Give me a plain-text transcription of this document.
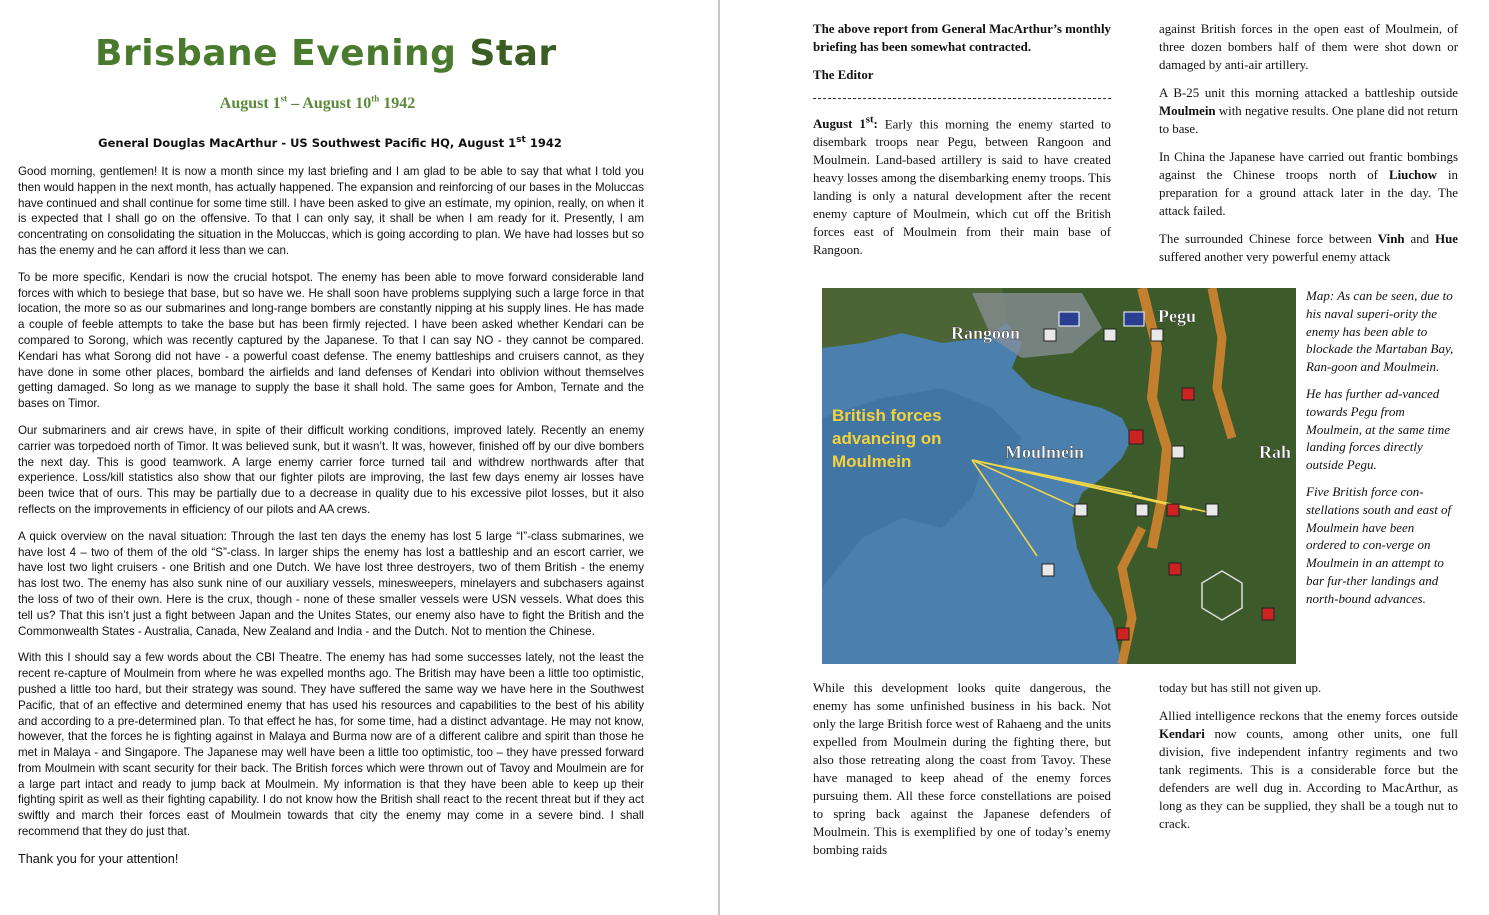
Brisbane Evening Star
August 1st – August 10th 1942
General Douglas MacArthur - US Southwest Pacific HQ, August 1st 1942

Good morning, gentlemen! It is now a month since my last briefing and I am glad to be able to say that what I told you then would happen in the next month, has actually happened. The expansion and reinforcing of our bases in the Moluccas have continued and shall continue for some time still. I have been asked to give an estimate, my opinion, really, on when it is expected that I shall go on the offensive. To that I can only say, it shall be when I am ready for it. Presently, I am concentrating on consolidating the situation in the Moluccas, which is going according to plan. We have had losses but so has the enemy and he can afford it less than we can.

To be more specific, Kendari is now the crucial hotspot. The enemy has been able to move forward considerable land forces with which to besiege that base, but so have we. He shall soon have problems supplying such a large force in that location, the more so as our submarines and long-range bombers are constantly nipping at his supply lines. He has made a couple of feeble attempts to take the base but has been firmly rejected. I have been asked whether Kendari can be compared to Sorong, which was recently captured by the Japanese. To that I can say NO - they cannot be compared. Kendari has what Sorong did not have - a powerful coast defense. The enemy battleships and cruisers cannot, as they have done in some other places, bombard the airfields and land defenses of Kendari into oblivion without themselves getting damaged. So long as we manage to supply the base it shall hold. The same goes for Ambon, Ternate and the bases on Timor.

Our submariners and air crews have, in spite of their difficult working conditions, improved lately. Recently an enemy carrier was torpedoed north of Timor. It was believed sunk, but it wasn’t. It was, however, finished off by our dive bombers the next day. This is good teamwork. A large enemy carrier force turned tail and withdrew northwards after that experience. Loss/kill statistics also show that our fighter pilots are improving, the last few days enemy air losses have been twice that of ours. This may be partially due to a decrease in quality due to his excessive pilot losses, but it also reflects on the improvements in efficiency of our pilots and AA crews.

A quick overview on the naval situation: Through the last ten days the enemy has lost 5 large “I”-class submarines, we have lost 4 – two of them of the old “S”-class. In larger ships the enemy has lost a battleship and an escort carrier, we have lost two light cruisers - one British and one Dutch. We have lost three destroyers, two of them British - the enemy has lost two. The enemy has also sunk nine of our auxiliary vessels, minesweepers, minelayers and subchasers against the loss of two of their own. Here is the crux, though - none of these smaller vessels were USN vessels. What does this tell us? That this isn’t just a fight between Japan and the Unites States, our enemy also have to fight the British and the Commonwealth States - Australia, Canada, New Zealand and India - and the Dutch. Not to mention the Chinese.

With this I should say a few words about the CBI Theatre. The enemy has had some successes lately, not the least the recent re-capture of Moulmein from where he was expelled months ago. The British may have been a little too optimistic, pushed a little too hard, but their strategy was sound. They have suffered the same way we have here in the Southwest Pacific, that of an effective and determined enemy that has used his resources and capabilities to the best of his ability and according to a pre-determined plan. To that effect he has, for some time, had a distinct advantage. He may not know, however, that the forces he is fighting against in Malaya and Burma now are of a different calibre and spirit than those he met in Malaya - and Singapore. The Japanese may well have been a little too optimistic, too – they have pressed forward from Moulmein with scant security for their back. The British forces which were thrown out of Tavoy and Moulmein are for a large part intact and ready to jump back at Moulmein. My information is that they have been able to keep up their fighting spirit as well as their fighting capability. I do not know how the British shall react to the recent threat but if they act swiftly and march their forces east of Moulmein towards that city the enemy may come in a severe bind. I shall recommend that they do just that.

Thank you for your attention!

The above report from General MacArthur’s monthly briefing has been somewhat contracted.

The Editor

August 1st: Early this morning the enemy started to disembark troops near Pegu, between Rangoon and Moulmein. Land-based artillery is said to have created heavy losses among the disembarking enemy troops. This landing is only a natural development after the recent enemy capture of Moulmein, which cut off the British forces east of Moulmein from their main base of Rangoon.

against British forces in the open east of Moulmein, of three dozen bombers half of them were shot down or damaged by anti-air artillery.

A B-25 unit this morning attacked a battleship outside Moulmein with negative results. One plane did not return to base.

In China the Japanese have carried out frantic bombings against the Chinese troops north of Liuchow in preparation for a ground attack later in the day. The attack failed.

The surrounded Chinese force between Vinh and Hue suffered another very powerful enemy attack

Rangoon
Pegu
Moulmein	Rah
British forces
advancing on
Moulmein

Map: As can be seen, due to his naval superi-ority the enemy has been able to blockade the Martaban Bay, Ran-goon and Moulmein.

He has further ad-vanced towards Pegu from Moulmein, at the same time landing forces directly outside Pegu.

Five British force con-stellations south and east of Moulmein have been ordered to con-verge on Moulmein in an attempt to bar fur-ther landings and north-bound advances.

While this development looks quite dangerous, the enemy has some unfinished business in his back. Not only the large British force west of Rahaeng and the units expelled from Moulmein during the fighting there, but also those retreating along the coast from Tavoy. These have managed to keep ahead of the enemy forces pursuing them. All these force constellations are poised to spring back against the Japanese defenders of Moulmein. This is exemplified by one of today’s enemy bombing raids

today but has still not given up.

Allied intelligence reckons that the enemy forces outside Kendari now counts, among other units, one full division, five independent infantry regiments and two tank regiments. This is a considerable force but the defenders are well dug in. According to MacArthur, as long as they can be supplied, they shall be a tough nut to crack.
